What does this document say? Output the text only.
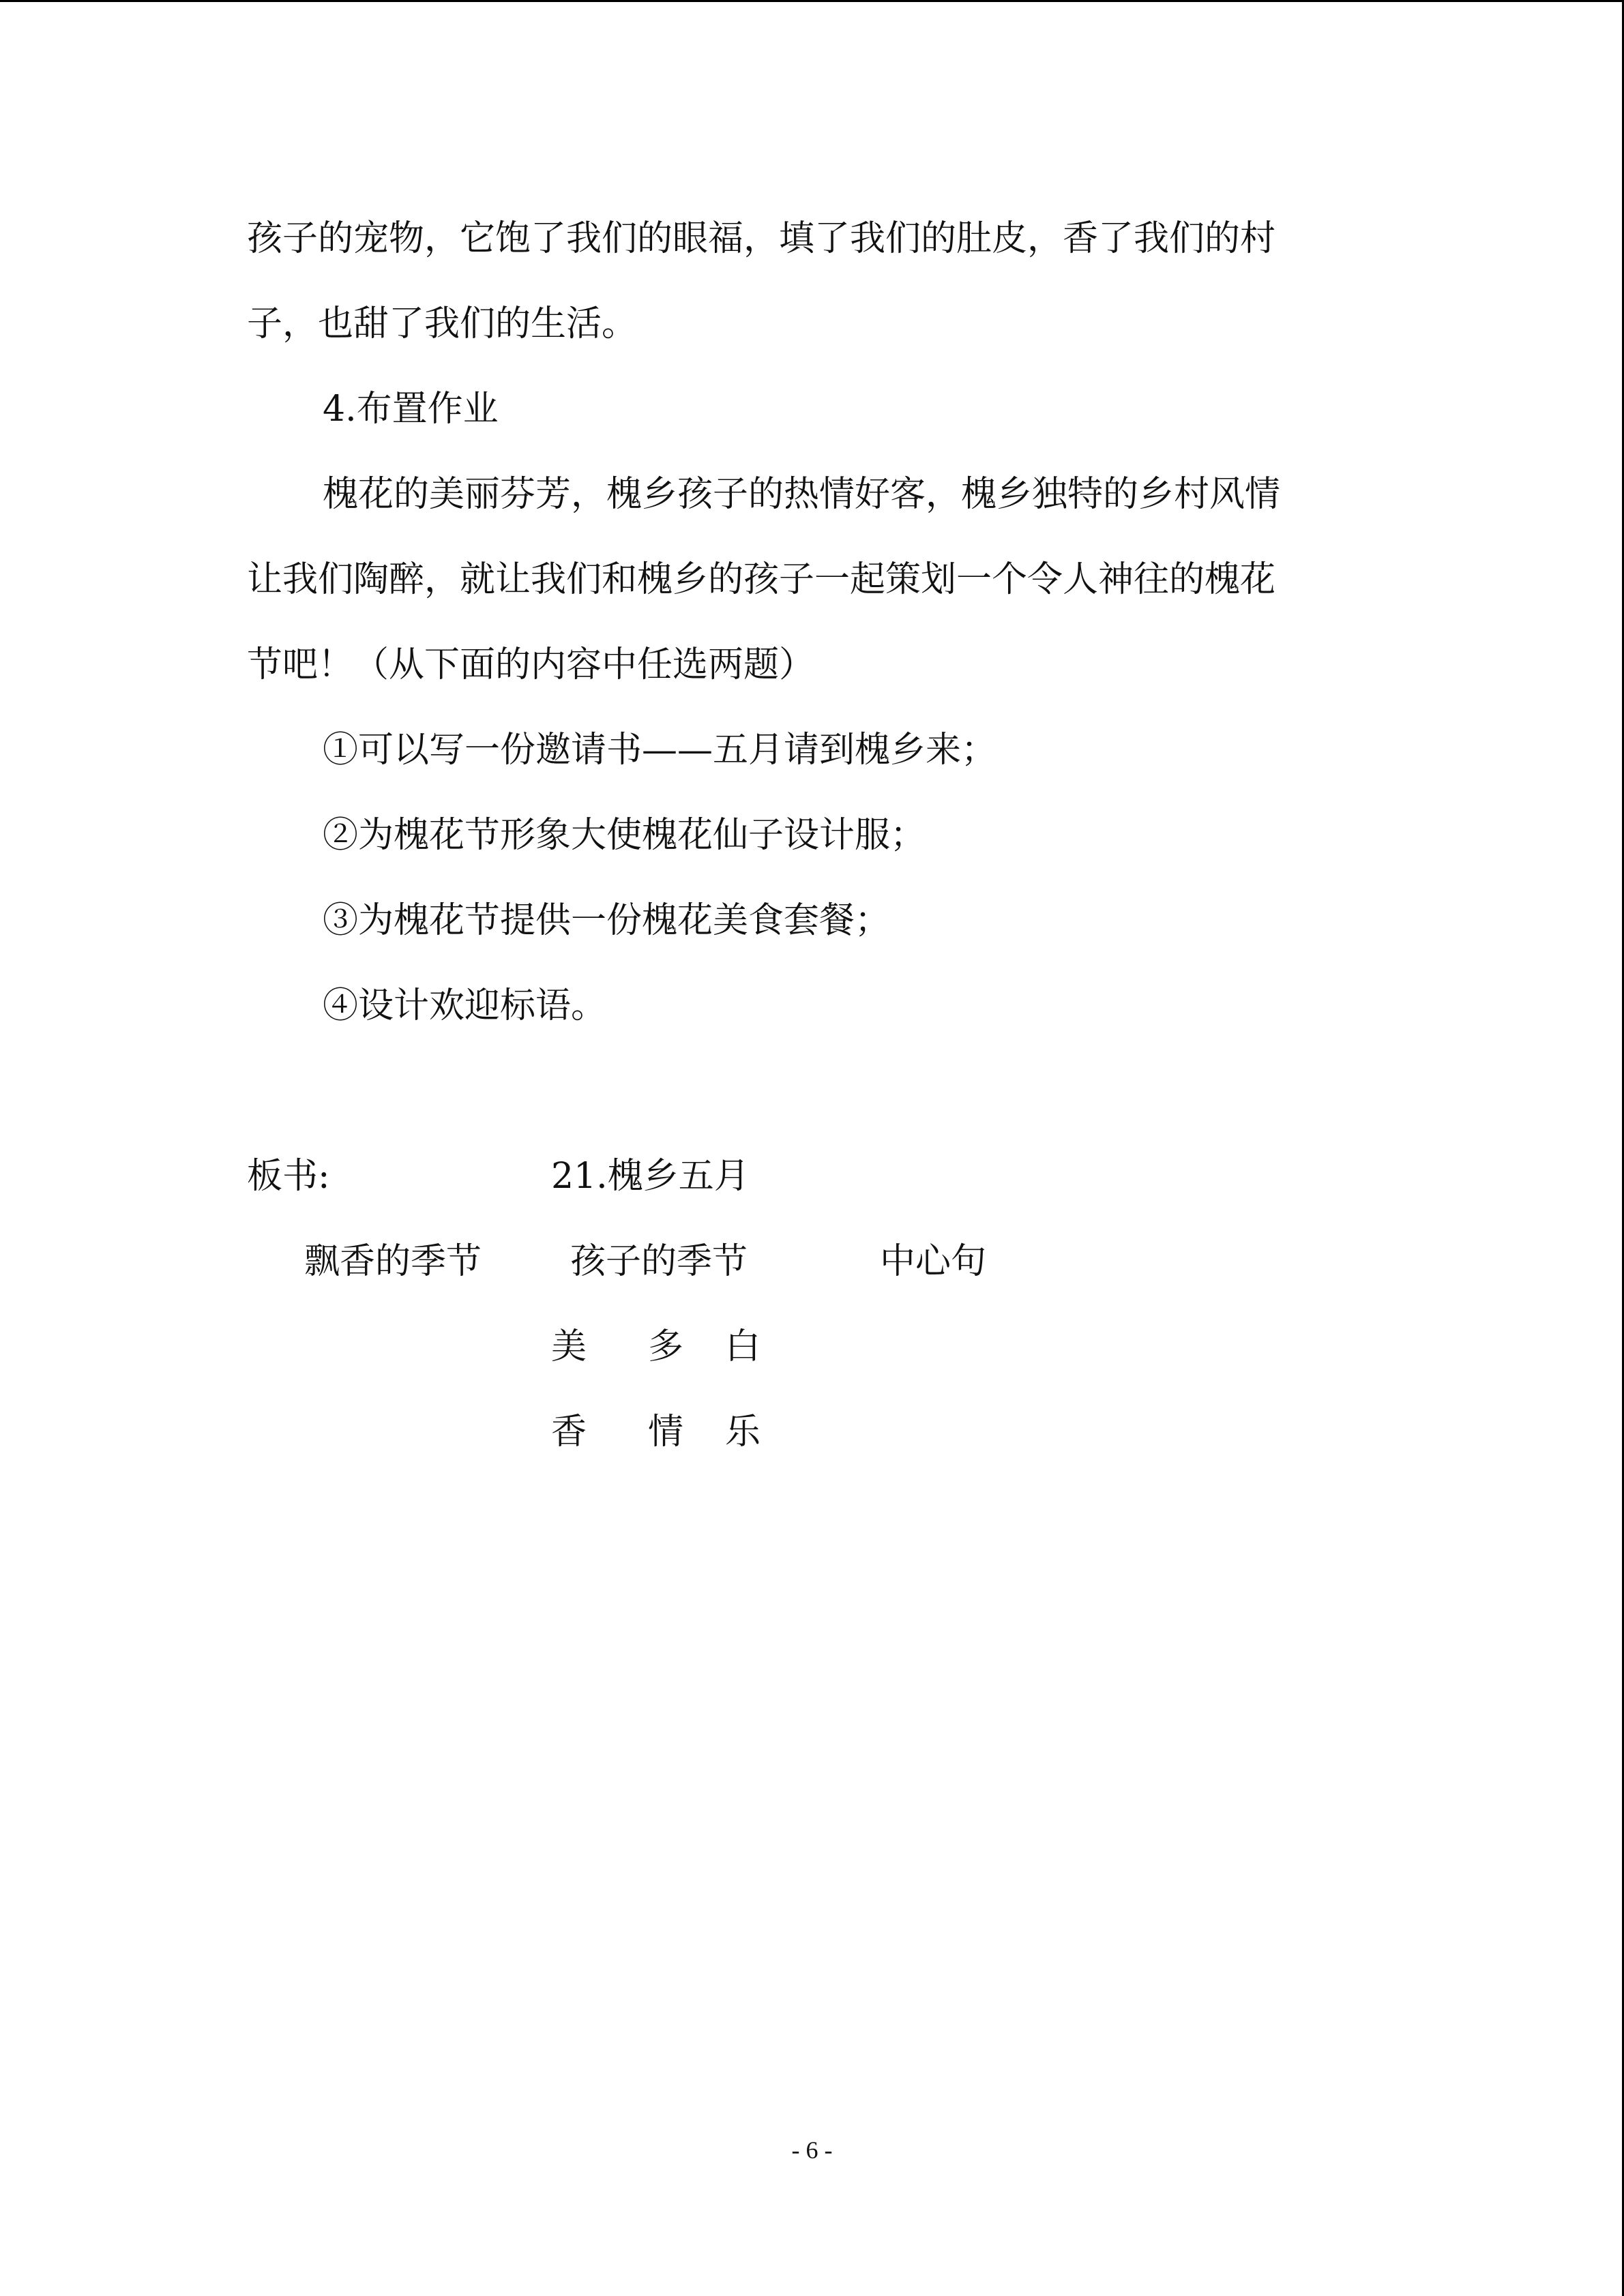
孩子的宠物，它饱了我们的眼福，填了我们的肚皮，香了我们的村
子，也甜了我们的生活。
4.布置作业
槐花的美丽芬芳，槐乡孩子的热情好客，槐乡独特的乡村风情
让我们陶醉，就让我们和槐乡的孩子一起策划一个令人神往的槐花
节吧！（从下面的内容中任选两题）
①可以写一份邀请书——五月请到槐乡来；
②为槐花节形象大使槐花仙子设计服；
③为槐花节提供一份槐花美食套餐；
④设计欢迎标语。
板书:	21.槐乡五月
飘香的季节 孩子的季节	中心句
美 多 白
香 情 乐
- 6 -
